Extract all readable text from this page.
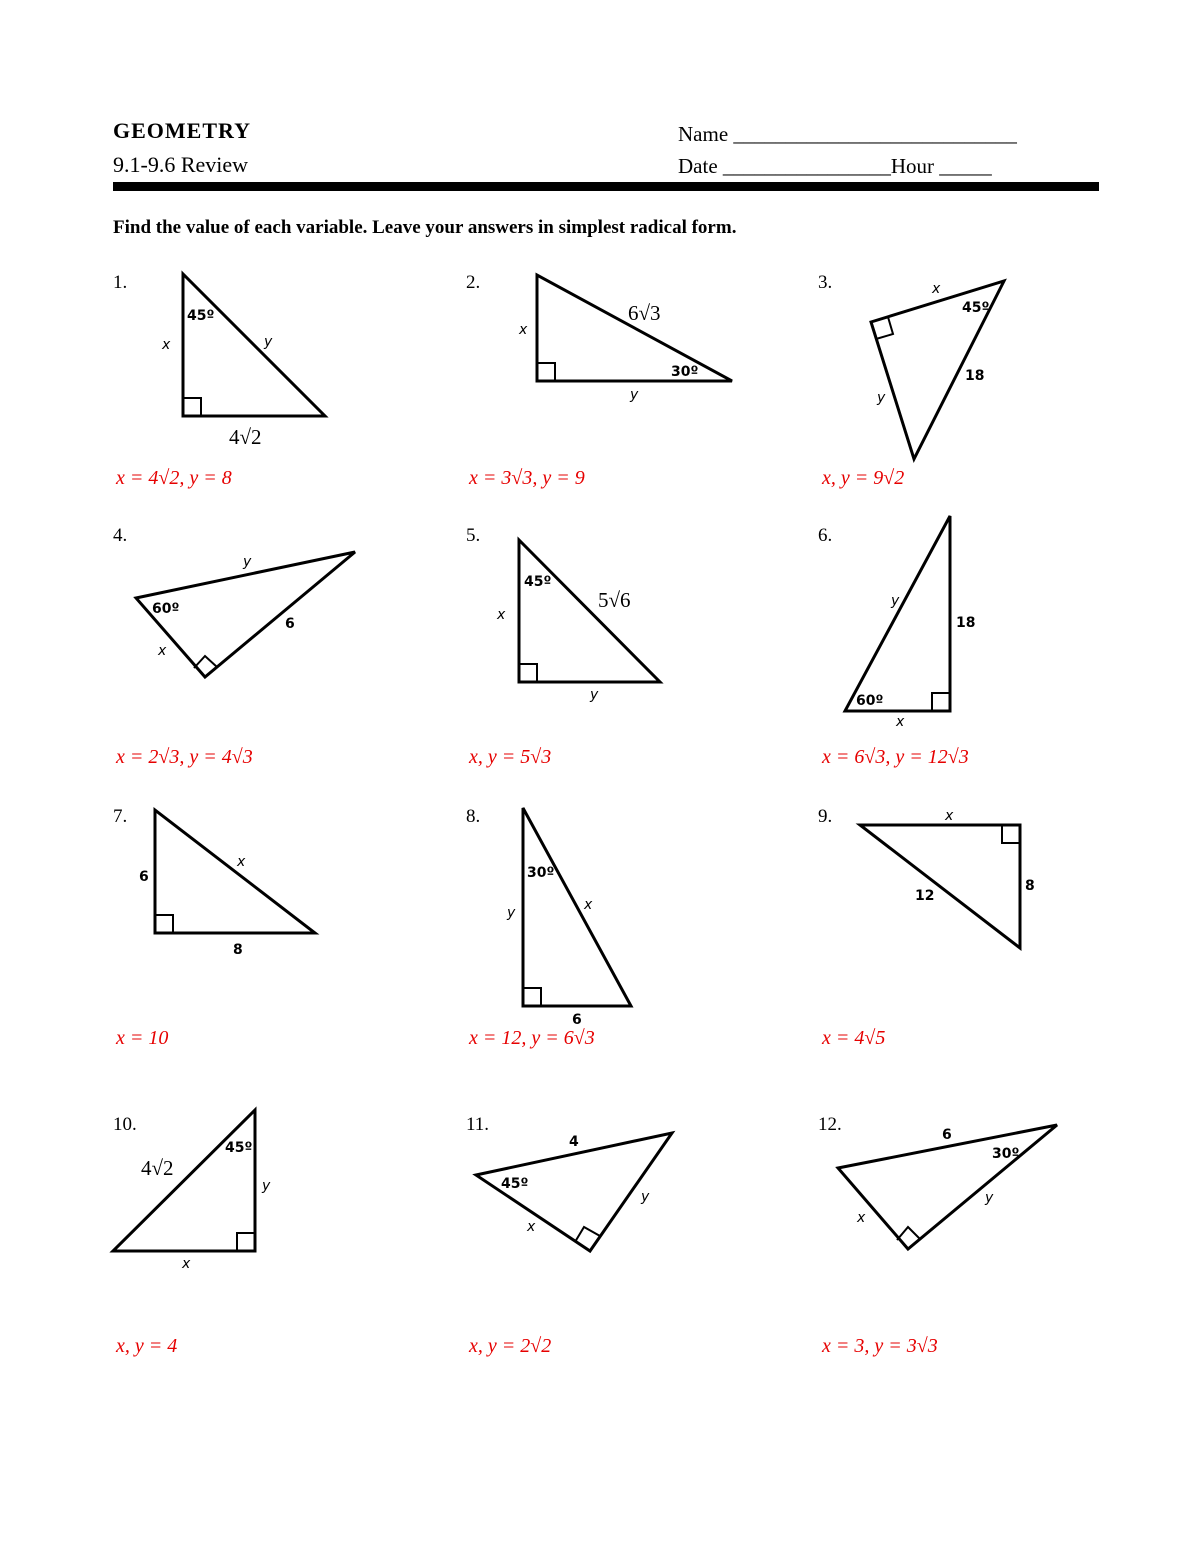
GEOMETRY
9.1-9.6 Review
Name ___________________________
Date ________________Hour _____
Find the value of each variable. Leave your answers in simplest radical form.
1.	2.	3.
4.	5.	6.
7.	8.	9.
10.	11.	12.
x = 4√2, y = 8	x = 3√3, y = 9	x, y = 9√2
x = 2√3, y = 4√3	x, y = 5√3	x = 6√3, y = 12√3
x = 10	x = 12, y = 6√3	x = 4√5
x, y = 4	x, y = 2√2	x = 3, y = 3√3
45º
x	y
4√2
6√3
x
30º
y
x
45º
18
y
y
60º
6
x
45º
5√6
x
y
y
18
60º
x
6
x
8
30º
y	x
6
x
8
12
45º
4√2
y
x
4
45º
y
x
6
30º
y
x
